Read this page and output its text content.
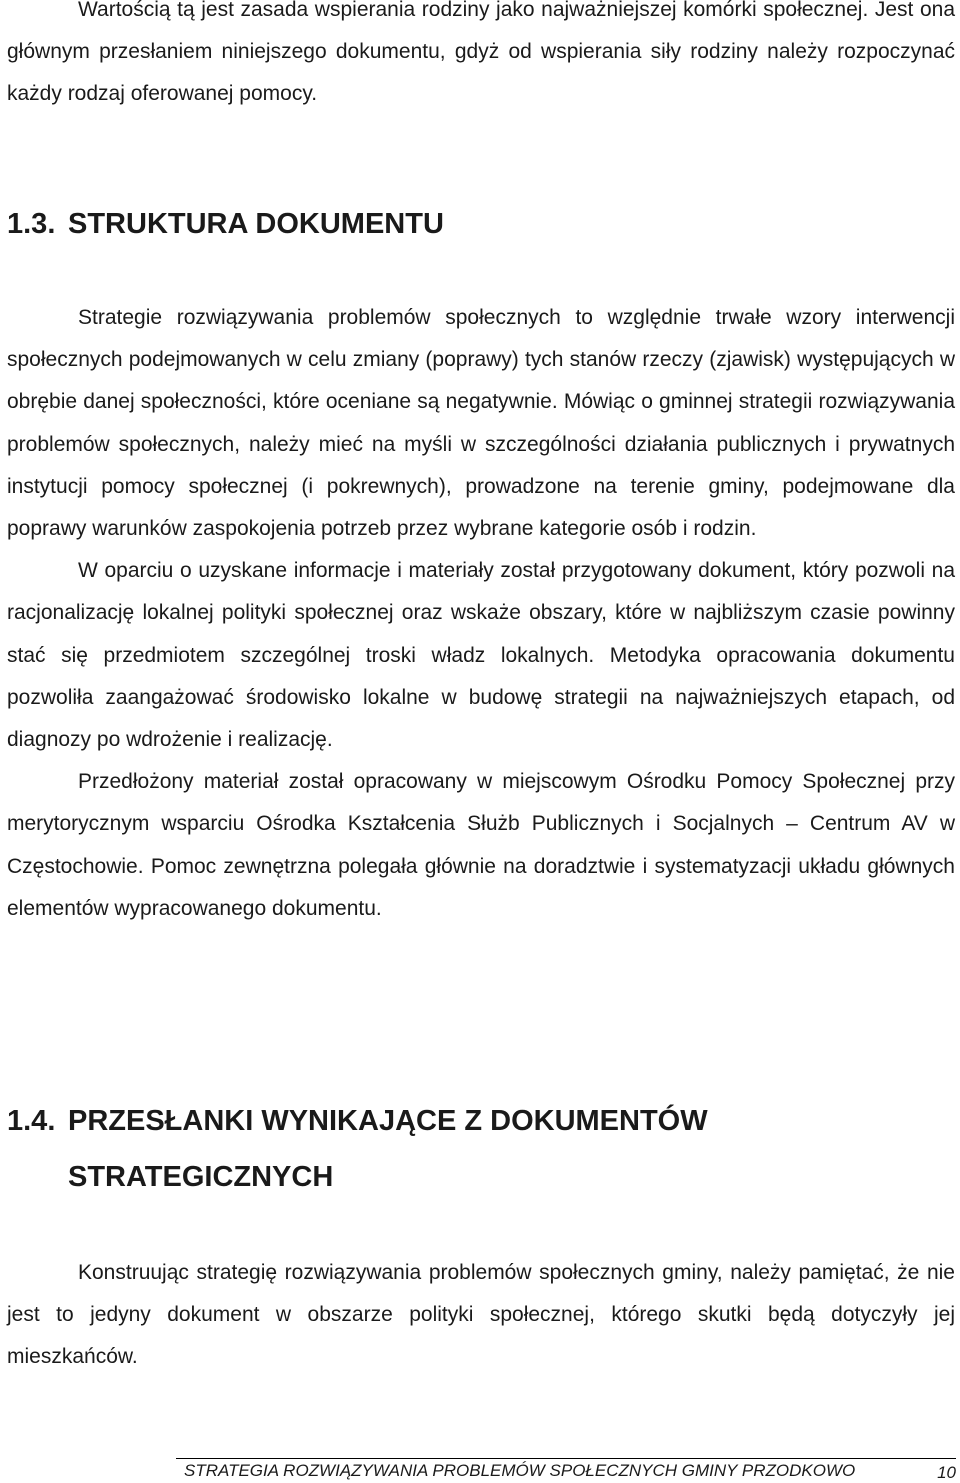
Wartością tą jest zasada wspierania rodziny jako najważniejszej komórki społecznej. Jest ona głównym przesłaniem niniejszego dokumentu, gdyż od wspierania siły rodziny należy rozpoczynać każdy rodzaj oferowanej pomocy.

1.3. STRUKTURA DOKUMENTU

Strategie rozwiązywania problemów społecznych to względnie trwałe wzory interwencji społecznych podejmowanych w celu zmiany (poprawy) tych stanów rzeczy (zjawisk) występujących w obrębie danej społeczności, które oceniane są negatywnie. Mówiąc o gminnej strategii rozwiązywania problemów społecznych, należy mieć na myśli w szczególności działania publicznych i prywatnych instytucji pomocy społecznej (i pokrewnych), prowadzone na terenie gminy, podejmowane dla poprawy warunków zaspokojenia potrzeb przez wybrane kategorie osób i rodzin.

W oparciu o uzyskane informacje i materiały został przygotowany dokument, który pozwoli na racjonalizację lokalnej polityki społecznej oraz wskaże obszary, które w najbliższym czasie powinny stać się przedmiotem szczególnej troski władz lokalnych. Metodyka opracowania dokumentu pozwoliła zaangażować środowisko lokalne w budowę strategii na najważniejszych etapach, od diagnozy po wdrożenie i realizację.

Przedłożony materiał został opracowany w miejscowym Ośrodku Pomocy Społecznej przy merytorycznym wsparciu Ośrodka Kształcenia Służb Publicznych i Socjalnych – Centrum AV w Częstochowie. Pomoc zewnętrzna polegała głównie na doradztwie i systematyzacji układu głównych elementów wypracowanego dokumentu.

1.4. PRZESŁANKI WYNIKAJĄCE Z DOKUMENTÓW
STRATEGICZNYCH

Konstruując strategię rozwiązywania problemów społecznych gminy, należy pamiętać, że nie jest to jedyny dokument w obszarze polityki społecznej, którego skutki będą dotyczyły jej mieszkańców.

STRATEGIA ROZWIĄZYWANIA PROBLEMÓW SPOŁECZNYCH GMINY PRZODKOWO	10
